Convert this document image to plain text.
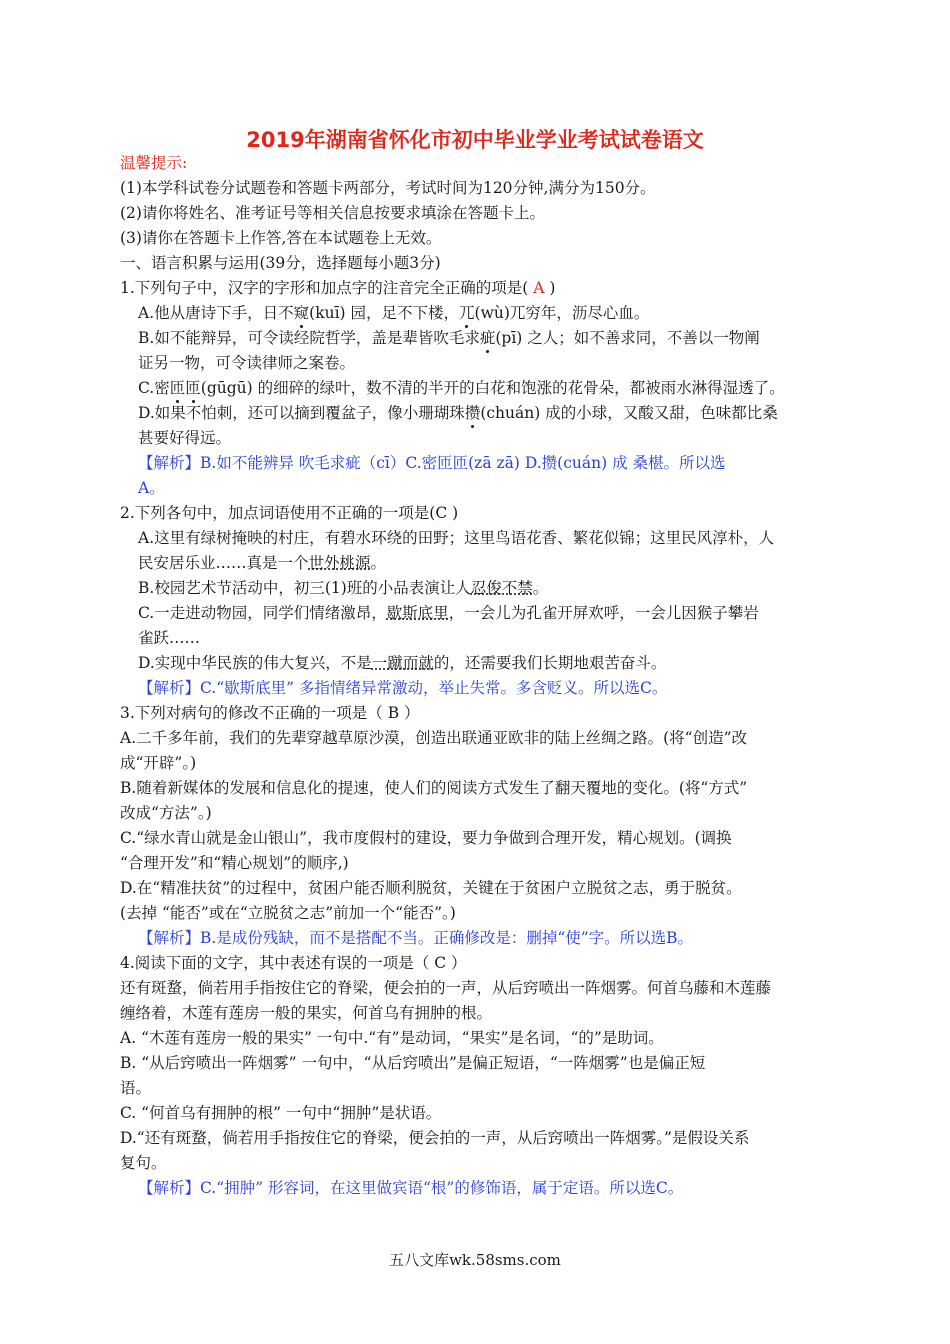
2019年湖南省怀化市初中毕业学业考试试卷语文
温馨提示:
(1)本学科试卷分试题卷和答题卡两部分，考试时间为120分钟,满分为150分。
(2)请你将姓名、准考证号等相关信息按要求填涂在答题卡上。
(3)请你在答题卡上作答,答在本试题卷上无效。
一、语言积累与运用(39分，选择题每小题3分)
1.下列句子中，汉字的字形和加点字的注音完全正确的项是( A )
A.他从唐诗下手，日不窥(kuī) 园，足不下楼，兀(wù)兀穷年，沥尽心血。
B.如不能辩异，可令读经院哲学，盖是辈皆吹毛求疵(pī) 之人；如不善求同，不善以一物阐
证另一物，可令读律师之案卷。
C.密匝匝(gūgū) 的细碎的绿叶，数不清的半开的白花和饱涨的花骨朵，都被雨水淋得湿透了。
D.如果不怕刺，还可以摘到覆盆子，像小珊瑚珠攒(chuán) 成的小球，又酸又甜，色味都比桑
甚要好得远。
【解析】B.如不能辨异 吹毛求疵（cī）C.密匝匝(zā zā) D.攒(cuán) 成 桑椹。所以选
A。
2.下列各句中，加点词语使用不正确的一项是(C )
A.这里有绿树掩映的村庄，有碧水环绕的田野；这里鸟语花香、繁花似锦；这里民风淳朴，人
民安居乐业……真是一个世外桃源。
B.校园艺术节活动中，初三(1)班的小品表演让人忍俊不禁。
C.一走进动物园，同学们情绪激昂，歇斯底里，一会儿为孔雀开屏欢呼，一会儿因猴子攀岩
雀跃……
D.实现中华民族的伟大复兴，不是一蹴而就的，还需要我们长期地艰苦奋斗。
【解析】C.“歇斯底里” 多指情绪异常激动，举止失常。多含贬义。所以选C。
3.下列对病句的修改不正确的一项是（ B ）
A.二千多年前，我们的先辈穿越草原沙漠，创造出联通亚欧非的陆上丝绸之路。(将“创造”改
成“开辟”。)
B.随着新媒体的发展和信息化的提速，使人们的阅读方式发生了翻天覆地的变化。(将“方式”
改成“方法”。)
C.“绿水青山就是金山银山”，我市度假村的建设，要力争做到合理开发，精心规划。(调换
“合理开发”和“精心规划”的顺序,)
D.在“精准扶贫”的过程中，贫困户能否顺利脱贫，关键在于贫困户立脱贫之志，勇于脱贫。
(去掉 “能否”或在“立脱贫之志”前加一个“能否”。)
【解析】B.是成份残缺，而不是搭配不当。正确修改是：删掉“使”字。所以选B。
4.阅读下面的文字，其中表述有误的一项是（ C ）
还有斑蝥，倘若用手指按住它的脊梁，便会拍的一声，从后窍喷出一阵烟雾。何首乌藤和木莲藤
缠络着，木莲有莲房一般的果实，何首乌有拥肿的根。
A. “木莲有莲房一般的果实” 一句中.“有”是动词，“果实”是名词，“的”是助词。
B. “从后窍喷出一阵烟雾” 一句中，“从后窍喷出”是偏正短语，“一阵烟雾”也是偏正短
语。
C. “何首乌有拥肿的根” 一句中“拥肿”是状语。
D.“还有斑蝥，倘若用手指按住它的脊梁，便会拍的一声，从后窍喷出一阵烟雾。”是假设关系
复句。
【解析】C.“拥肿” 形容词，在这里做宾语“根”的修饰语，属于定语。所以选C。
五八文库wk.58sms.com
